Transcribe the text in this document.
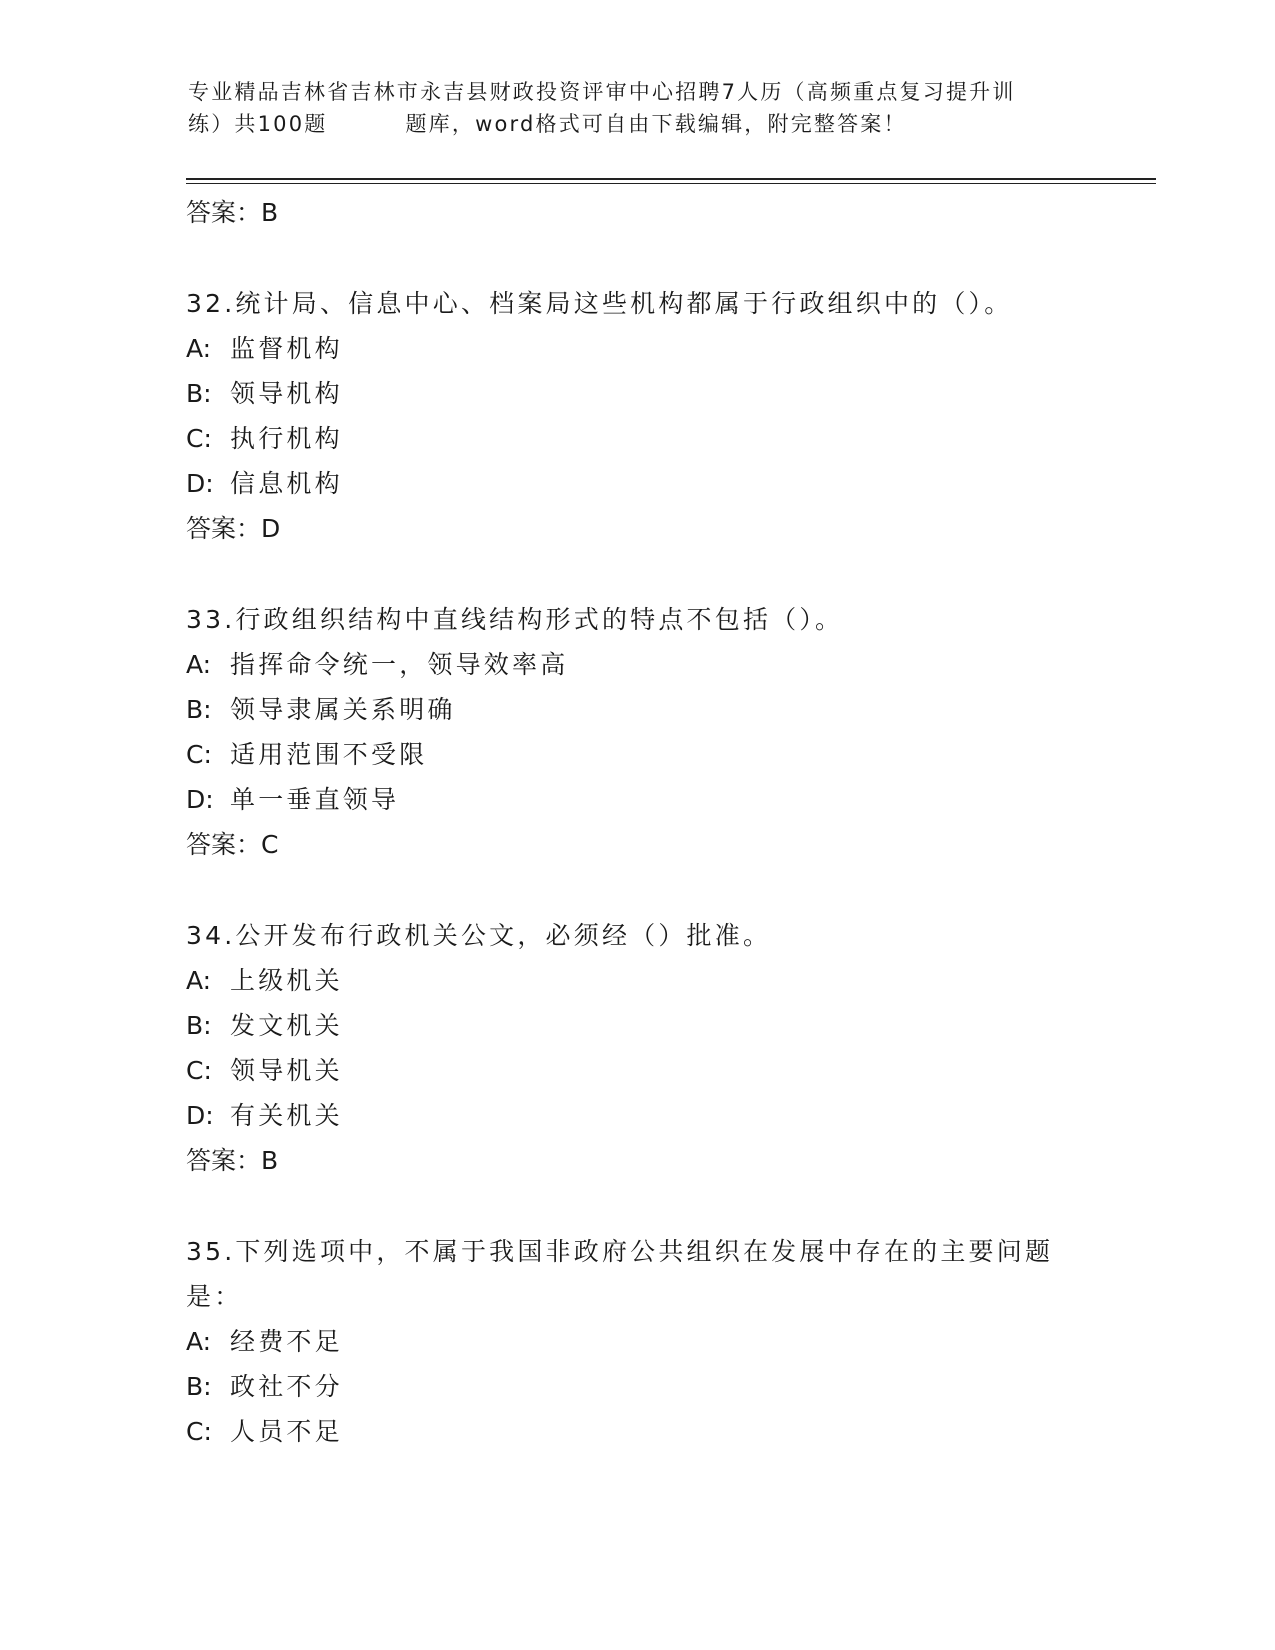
专业精品吉林省吉林市永吉县财政投资评审中心招聘7人历（高频重点复习提升训
练）共100题	题库，word格式可自由下载编辑，附完整答案！
答案：B
32.统计局、信息中心、档案局这些机构都属于行政组织中的（）。
A: 监督机构
B: 领导机构
C: 执行机构
D: 信息机构
答案：D
33.行政组织结构中直线结构形式的特点不包括（）。
A: 指挥命令统一，领导效率高
B: 领导隶属关系明确
C: 适用范围不受限
D: 单一垂直领导
答案：C
34.公开发布行政机关公文，必须经（）批准。
A: 上级机关
B: 发文机关
C: 领导机关
D: 有关机关
答案：B
35.下列选项中，不属于我国非政府公共组织在发展中存在的主要问题是：
A: 经费不足
B: 政社不分
C: 人员不足
